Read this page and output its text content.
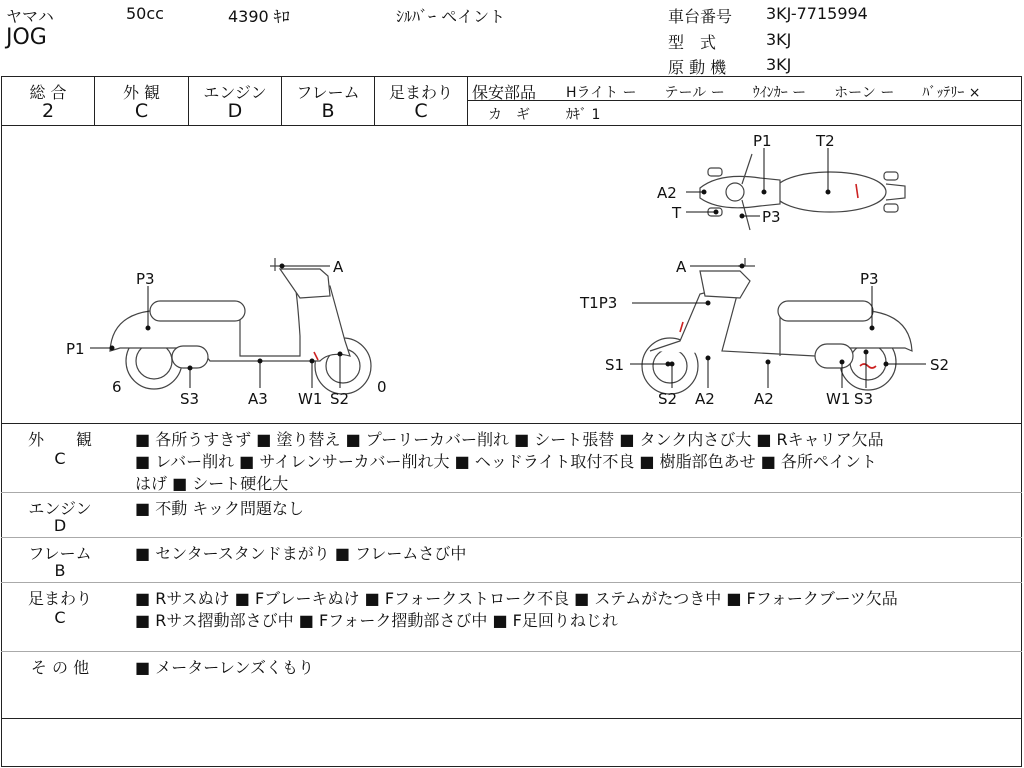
ヤマハ	50cc	4390 ｷﾛ	ｼﾙﾊﾞｰ ペイント
JOG
車台番号 3KJ-7715994
型　式	3KJ
原 動 機 3KJ
総 合
2
外 観
C
エンジン
D
フレーム
B
足まわり
C
保安部品 Hライト ー　　テール ー　　ｳｲﾝｶｰ ー　　ホーン ー　　ﾊﾞｯﾃﾘｰ ×
カ　ギ	ｶｷﾞ 1
P1	T2
A2
T	P3
A
P3
P1
6
S3	A3 W1 S2
0
A
T1P3
P3
S1
S2 A2	A2	W1 S3
S2
外　　観
C
■ 各所うすきず ■ 塗り替え ■ プーリーカバー削れ ■ シート張替 ■ タンク内さび大 ■ Rキャリア欠品
■ レバー削れ ■ サイレンサーカバー削れ大 ■ ヘッドライト取付不良 ■ 樹脂部色あせ ■ 各所ペイント
はげ ■ シート硬化大
エンジン
D
■ 不動 キック問題なし
フレーム
B
■ センタースタンドまがり ■ フレームさび中
足まわり
C
■ Rサスぬけ ■ Fブレーキぬけ ■ Fフォークストローク不良 ■ ステムがたつき中 ■ Fフォークブーツ欠品
■ Rサス摺動部さび中 ■ Fフォーク摺動部さび中 ■ F足回りねじれ
そ の 他	■ メーターレンズくもり
